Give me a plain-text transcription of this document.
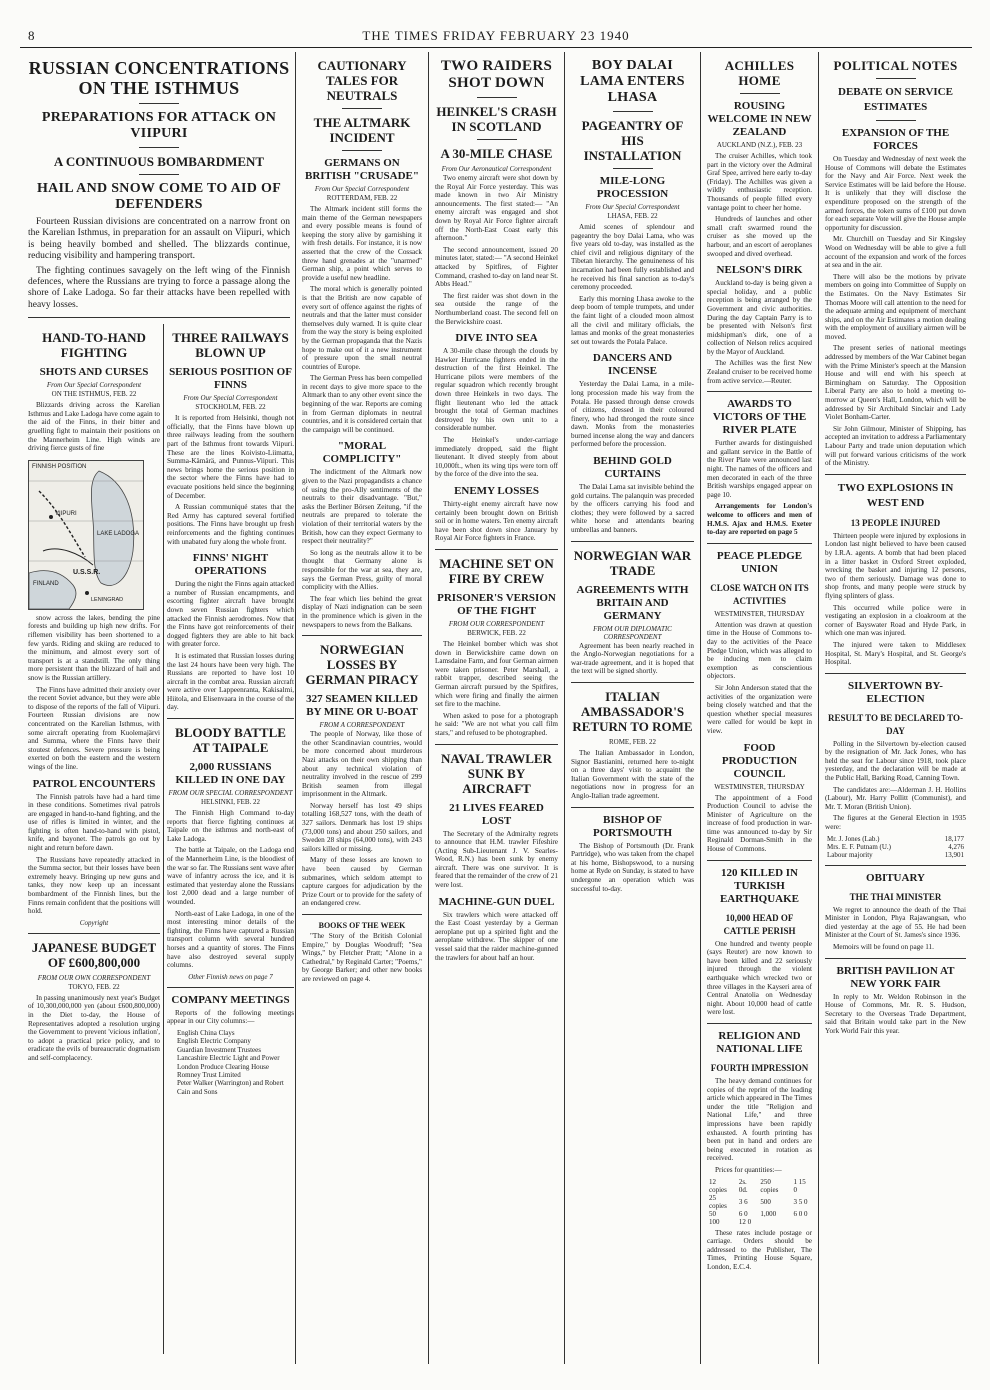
8	THE TIMES FRIDAY FEBRUARY 23 1940
RUSSIAN CONCENTRATIONS ON THE ISTHMUS
PREPARATIONS FOR ATTACK ON VIIPURI
A CONTINUOUS BOMBARDMENT
HAIL AND SNOW COME TO AID OF DEFENDERS

Fourteen Russian divisions are concentrated on a narrow front on the Karelian Isthmus, in preparation for an assault on Viipuri, which is being heavily bombed and shelled. The blizzards continue, reducing visibility and hampering transport.

The fighting continues savagely on the left wing of the Finnish defences, where the Russians are trying to force a passage along the shore of Lake Ladoga. So far their attacks have been repelled with heavy losses.

HAND-TO-HAND FIGHTING
SHOTS AND CURSES
From Our Special Correspondent
ON THE ISTHMUS, FEB. 22

Blizzards driving across the Karelian Isthmus and Lake Ladoga have come again to the aid of the Finns, in their bitter and gruelling fight to maintain their positions on the Mannerheim Line. High winds are driving fierce gusts of fine

FINNISH POSITION
VIIPURI
LAKE LADOGA
U.S.S.R.
LENINGRAD
FINLAND

snow across the lakes, bending the pine forests and building up high new drifts. For riflemen visibility has been shortened to a few yards. Riding and skiing are reduced to the minimum, and almost every sort of transport is at a standstill. The only thing more persistent than the blizzard of hail and snow is the Russian artillery.

The Finns have admitted their anxiety over the recent Soviet advance, but they were able to dispose of the reports of the fall of Viipuri. Fourteen Russian divisions are now concentrated on the Karelian Isthmus, with some aircraft operating from Kuolemajärvi and Summa, where the Finns have their stoutest defences. Severe pressure is being exerted on both the eastern and the western wings of the line.

PATROL ENCOUNTERS

The Finnish patrols have had a hard time in these conditions. Sometimes rival patrols are engaged in hand-to-hand fighting, and the use of rifles is limited in winter, and the fighting is often hand-to-hand with pistol, knife, and bayonet. The patrols go out by night and return before dawn.

The Russians have repeatedly attacked in the Summa sector, but their losses have been extremely heavy. Bringing up new guns and tanks, they now keep up an incessant bombardment of the Finnish lines, but the Finns remain confident that the positions will hold.

Copyright
JAPANESE BUDGET OF £600,800,000
FROM OUR OWN CORRESPONDENT
TOKYO, FEB. 22

In passing unanimously next year's Budget of 10,300,000,000 yen (about £600,800,000) in the Diet to-day, the House of Representatives adopted a resolution urging the Government to prevent 'vicious inflation', to adopt a practical price policy, and to eradicate the evils of bureaucratic dogmatism and self-complacency.

THREE RAILWAYS BLOWN UP
SERIOUS POSITION OF FINNS
From Our Special Correspondent
STOCKHOLM, FEB. 22

It is reported from Helsinki, though not officially, that the Finns have blown up three railways leading from the southern part of the Isthmus front towards Viipuri. These are the lines Koivisto-Liimatta, Summa-Kämärä, and Punnus-Viipuri. This news brings home the serious position in the sector where the Finns have had to evacuate positions held since the beginning of December.

A Russian communiqué states that the Red Army has captured several fortified positions. The Finns have brought up fresh reinforcements and the fighting continues with unabated fury along the whole front.

FINNS' NIGHT OPERATIONS

During the night the Finns again attacked a number of Russian encampments, and escorting fighter aircraft have brought down seven Russian fighters which attacked the Finnish aerodromes. Now that the Finns have got reinforcements of their dogged fighters they are able to hit back with greater force.

It is estimated that Russian losses during the last 24 hours have been very high. The Russians are reported to have lost 10 aircraft in the combat area. Russian aircraft were active over Lappeenranta, Kakisalmi, Hiitola, and Elisenvaara in the course of the day.

BLOODY BATTLE AT TAIPALE
2,000 RUSSIANS KILLED IN ONE DAY
FROM OUR SPECIAL CORRESPONDENT
HELSINKI, FEB. 22

The Finnish High Command to-day reports that fierce fighting continues at Taipale on the isthmus and north-east of Lake Ladoga.

The battle at Taipale, on the Ladoga end of the Mannerheim Line, is the bloodiest of the war so far. The Russians sent wave after wave of infantry across the ice, and it is estimated that yesterday alone the Russians lost 2,000 dead and a large number of wounded.

North-east of Lake Ladoga, in one of the most interesting minor details of the fighting, the Finns have captured a Russian transport column with several hundred horses and a quantity of stores. The Finns have also destroyed several supply columns.

Other Finnish news on page 7
COMPANY MEETINGS

Reports of the following meetings appear in our City columns:—

English China Clays
English Electric Company
Guardian Investment Trustees
Lancashire Electric Light and Power
London Produce Clearing House
Romney Trust Limited
Peter Walker (Warrington) and Robert Cain and Sons
CAUTIONARY TALES FOR NEUTRALS
THE ALTMARK INCIDENT
GERMANS ON BRITISH "CRUSADE"
From Our Special Correspondent
ROTTERDAM, FEB. 22

The Altmark incident still forms the main theme of the German newspapers and every possible means is found of keeping the story alive by garnishing it with fresh details. For instance, it is now asserted that the crew of the Cossack threw hand grenades at the "unarmed" German ship, a point which serves to provide a useful new headline.

The moral which is generally pointed is that the British are now capable of every sort of offence against the rights of neutrals and that the latter must consider themselves duly warned. It is quite clear from the way the story is being exploited by the German propaganda that the Nazis hope to make out of it a new instrument of pressure upon the small neutral countries of Europe.

The German Press has been compelled in recent days to give more space to the Altmark than to any other event since the beginning of the war. Reports are coming in from German diplomats in neutral countries, and it is considered certain that the campaign will be continued.

"MORAL COMPLICITY"

The indictment of the Altmark now given to the Nazi propagandists a chance of using the pro-Ally sentiments of the neutrals to their disadvantage. "But," asks the Berliner Börsen Zeitung, "if the neutrals are prepared to tolerate the violation of their territorial waters by the British, how can they expect Germany to respect their neutrality?"

So long as the neutrals allow it to be thought that Germany alone is responsible for the war at sea, they are, says the German Press, guilty of moral complicity with the Allies.

The fear which lies behind the great display of Nazi indignation can be seen in the prominence which is given in the newspapers to news from the Balkans.

NORWEGIAN LOSSES BY GERMAN PIRACY
327 SEAMEN KILLED BY MINE OR U-BOAT
FROM A CORRESPONDENT

The people of Norway, like those of the other Scandinavian countries, would be more concerned about murderous Nazi attacks on their own shipping than about any technical violation of neutrality involved in the rescue of 299 British seamen from illegal imprisonment in the Altmark.

Norway herself has lost 49 ships totalling 168,527 tons, with the death of 327 sailors. Denmark has lost 19 ships (73,000 tons) and about 250 sailors, and Sweden 28 ships (64,000 tons), with 243 sailors killed or missing.

Many of these losses are known to have been caused by German submarines, which seldom attempt to capture cargoes for adjudication by the Prize Court or to provide for the safety of an endangered crew.

BOOKS OF THE WEEK

"The Story of the British Colonial Empire," by Douglas Woodruff; "Sea Wings," by Fletcher Pratt; "Alone in a Cathedral," by Reginald Carter; "Poems," by George Barker; and other new books are reviewed on page 4.

TWO RAIDERS SHOT DOWN
HEINKEL'S CRASH IN SCOTLAND
A 30-MILE CHASE
From Our Aeronautical Correspondent

Two enemy aircraft were shot down by the Royal Air Force yesterday. This was made known in two Air Ministry announcements. The first stated:— "An enemy aircraft was engaged and shot down by Royal Air Force fighter aircraft off the North-East Coast early this afternoon."

The second announcement, issued 20 minutes later, stated:— "A second Heinkel attacked by Spitfires, of Fighter Command, crashed to-day on land near St. Abbs Head."

The first raider was shot down in the sea outside the range of the Northumberland coast. The second fell on the Berwickshire coast.

DIVE INTO SEA

A 30-mile chase through the clouds by Hawker Hurricane fighters ended in the destruction of the first Heinkel. The Hurricane pilots were members of the regular squadron which recently brought down three Heinkels in two days. The flight lieutenant who led the attack brought the total of German machines destroyed by his own unit to a considerable number.

The Heinkel's under-carriage immediately dropped, said the flight lieutenant. It dived steeply from about 10,000ft., when its wing tips were torn off by the force of the dive into the sea.

ENEMY LOSSES

Thirty-eight enemy aircraft have now certainly been brought down on British soil or in home waters. Ten enemy aircraft have been shot down since January by Royal Air Force fighters in France.

MACHINE SET ON FIRE BY CREW
PRISONER'S VERSION OF THE FIGHT
FROM OUR CORRESPONDENT
BERWICK, FEB. 22

The Heinkel bomber which was shot down in Berwickshire came down on Lamsdaine Farm, and four German airmen were taken prisoner. Peter Marshall, a rabbit trapper, described seeing the German aircraft pursued by the Spitfires, which were firing and finally the airmen set fire to the machine.

When asked to pose for a photograph he said: "We are not what you call film stars," and refused to be photographed.

NAVAL TRAWLER SUNK BY AIRCRAFT
21 LIVES FEARED LOST

The Secretary of the Admiralty regrets to announce that H.M. trawler Fifeshire (Acting Sub-Lieutenant J. V. Searles-Wood, R.N.) has been sunk by enemy aircraft. There was one survivor. It is feared that the remainder of the crew of 21 were lost.

MACHINE-GUN DUEL

Six trawlers which were attacked off the East Coast yesterday by a German aeroplane put up a spirited fight and the aeroplane withdrew. The skipper of one vessel said that the raider machine-gunned the trawlers for about half an hour.

BOY DALAI LAMA ENTERS LHASA
PAGEANTRY OF HIS INSTALLATION
MILE-LONG PROCESSION
From Our Special Correspondent
LHASA, FEB. 22

Amid scenes of splendour and pageantry the boy Dalai Lama, who was five years old to-day, was installed as the chief civil and religious dignitary of the Tibetan hierarchy. The genuineness of his incarnation had been fully established and he received his final sanction as to-day's ceremony proceeded.

Early this morning Lhasa awoke to the deep boom of temple trumpets, and under the faint light of a clouded moon almost all the civil and military officials, the lamas and monks of the great monasteries set out towards the Potala Palace.

DANCERS AND INCENSE

Yesterday the Dalai Lama, in a mile-long procession made his way from the Potala. He passed through dense crowds of citizens, dressed in their coloured finery, who had thronged the route since dawn. Monks from the monasteries burned incense along the way and dancers performed before the procession.

BEHIND GOLD CURTAINS

The Dalai Lama sat invisible behind the gold curtains. The palanquin was preceded by the officers carrying his food and clothes; they were followed by a sacred white horse and attendants bearing umbrellas and banners.

NORWEGIAN WAR TRADE
AGREEMENTS WITH BRITAIN AND GERMANY
FROM OUR DIPLOMATIC CORRESPONDENT

Agreement has been nearly reached in the Anglo-Norwegian negotiations for a war-trade agreement, and it is hoped that the text will be signed shortly.

ITALIAN AMBASSADOR'S RETURN TO ROME
ROME, FEB. 22

The Italian Ambassador in London, Signor Bastianini, returned here to-night on a three days' visit to acquaint the Italian Government with the state of the negotiations now in progress for an Anglo-Italian trade agreement.

BISHOP OF PORTSMOUTH

The Bishop of Portsmouth (Dr. Frank Partridge), who was taken from the chapel at his home, Bishopswood, to a nursing home at Ryde on Sunday, is stated to have undergone an operation which was successful to-day.

ACHILLES HOME
ROUSING WELCOME IN NEW ZEALAND
AUCKLAND (N.Z.), FEB. 23

The cruiser Achilles, which took part in the victory over the Admiral Graf Spee, arrived here early to-day (Friday). The Achilles was given a wildly enthusiastic reception. Thousands of people filled every vantage point to cheer her home.

Hundreds of launches and other small craft swarmed round the cruiser as she moved up the harbour, and an escort of aeroplanes swooped and dived overhead.

NELSON'S DIRK

Auckland to-day is being given a special holiday, and a public reception is being arranged by the Government and civic authorities. During the day Captain Parry is to be presented with Nelson's first midshipman's dirk, one of a collection of Nelson relics acquired by the Mayor of Auckland.

The Achilles was the first New Zealand cruiser to be received home from active service.—Reuter.

AWARDS TO VICTORS OF THE RIVER PLATE

Further awards for distinguished and gallant service in the Battle of the River Plate were announced last night. The names of the officers and men decorated in each of the three British warships engaged appear on page 10.

Arrangements for London's welcome to officers and men of H.M.S. Ajax and H.M.S. Exeter to-day are reported on page 5

PEACE PLEDGE UNION
CLOSE WATCH ON ITS ACTIVITIES
WESTMINSTER, THURSDAY

Attention was drawn at question time in the House of Commons to-day to the activities of the Peace Pledge Union, which was alleged to be inducing men to claim exemption as conscientious objectors.

Sir John Anderson stated that the activities of the organization were being closely watched and that the question whether special measures were called for would be kept in view.

FOOD PRODUCTION COUNCIL
WESTMINSTER, THURSDAY

The appointment of a Food Production Council to advise the Minister of Agriculture on the increase of food production in war-time was announced to-day by Sir Reginald Dorman-Smith in the House of Commons.

120 KILLED IN TURKISH EARTHQUAKE
10,000 HEAD OF CATTLE PERISH

One hundred and twenty people (says Reuter) are now known to have been killed and 22 seriously injured through the violent earthquake which wrecked two or three villages in the Kayseri area of Central Anatolia on Wednesday night. About 10,000 head of cattle were lost.

RELIGION AND NATIONAL LIFE
FOURTH IMPRESSION

The heavy demand continues for copies of the reprint of the leading article which appeared in The Times under the title "Religion and National Life," and three impressions have been rapidly exhausted. A fourth printing has been put in hand and orders are being executed in rotation as received.

Prices for quantities:—

12 copies	2s. 0d.	250 copies	1 15 0
25 copies	3 6	500	3 5 0
50	6 0	1,000	6 0 0
100	12 0		

These rates include postage or carriage. Orders should be addressed to the Publisher, The Times, Printing House Square, London, E.C.4.

POLITICAL NOTES
DEBATE ON SERVICE ESTIMATES
EXPANSION OF THE FORCES

On Tuesday and Wednesday of next week the House of Commons will debate the Estimates for the Navy and Air Force. Next week the Service Estimates will be laid before the House. It is unlikely that they will disclose the expenditure proposed on the strength of the armed forces, the token sums of £100 put down for each separate Vote will give the House ample opportunity for discussion.

Mr. Churchill on Tuesday and Sir Kingsley Wood on Wednesday will be able to give a full account of the expansion and work of the forces at sea and in the air.

There will also be the motions by private members on going into Committee of Supply on the Estimates. On the Navy Estimates Sir Thomas Moore will call attention to the need for the adequate arming and equipment of merchant ships, and on the Air Estimates a motion dealing with the employment of auxiliary airmen will be moved.

The present series of national meetings addressed by members of the War Cabinet began with the Prime Minister's speech at the Mansion House and will end with his speech at Birmingham on Saturday. The Opposition Liberal Party are also to hold a meeting to-morrow at Queen's Hall, London, which will be addressed by Sir Archibald Sinclair and Lady Violet Bonham-Carter.

Sir John Gilmour, Minister of Shipping, has accepted an invitation to address a Parliamentary Labour Party and trade union deputation which will put forward various criticisms of the work of the Ministry.

TWO EXPLOSIONS IN WEST END
13 PEOPLE INJURED

Thirteen people were injured by explosions in London last night believed to have been caused by I.R.A. agents. A bomb that had been placed in a litter basket in Oxford Street exploded, wrecking the basket and injuring 12 persons, two of them seriously. Damage was done to shop fronts, and many people were struck by flying splinters of glass.

This occurred while police were in vestigating an explosion in a cloakroom at the corner of Bayswater Road and Hyde Park, in which one man was injured.

The injured were taken to Middlesex Hospital, St. Mary's Hospital, and St. George's Hospital.

SILVERTOWN BY-ELECTION
RESULT TO BE DECLARED TO-DAY

Polling in the Silvertown by-election caused by the resignation of Mr. Jack Jones, who has held the seat for Labour since 1918, took place yesterday, and the declaration will be made at the Public Hall, Barking Road, Canning Town.

The candidates are:—Alderman J. H. Hollins (Labour), Mr. Harry Pollitt (Communist), and Mr. T. Moran (British Union).

The figures at the General Election in 1935 were:

Mr. J. Jones (Lab.)	18,177
Mrs. E. F. Putnam (U.)	4,276
Labour majority	13,901
OBITUARY
THE THAI MINISTER

We regret to announce the death of the Thai Minister in London, Phya Rajawangsan, who died yesterday at the age of 55. He had been Minister at the Court of St. James's since 1936.

Memoirs will be found on page 11.

BRITISH PAVILION AT NEW YORK FAIR

In reply to Mr. Weldon Robinson in the House of Commons, Mr. R. S. Hudson, Secretary to the Overseas Trade Department, said that Britain would take part in the New York World Fair this year.
